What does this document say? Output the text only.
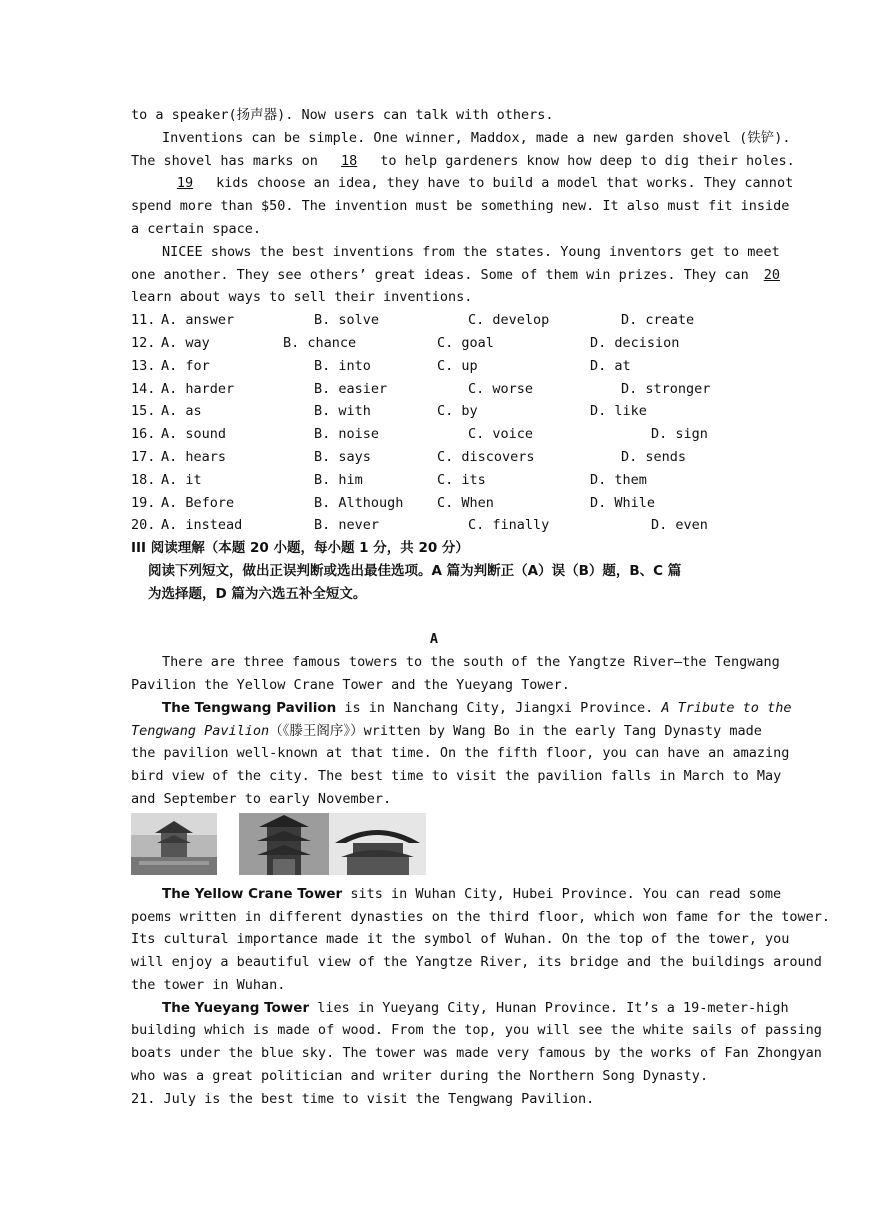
to a speaker(扬声器). Now users can talk with others.
Inventions can be simple. One winner, Maddox, made a new garden shovel (铁铲).
The shovel has marks on 18 to help gardeners know how deep to dig their holes.
19 kids choose an idea, they have to build a model that works. They cannot
spend more than $50. The invention must be something new. It also must fit inside
a certain space.
NICEE shows the best inventions from the states. Young inventors get to meet
one another. They see others’ great ideas. Some of them win prizes. They can 20
learn about ways to sell their inventions.
11. A. answer	B. solve	C. develop	D. create
12. A. way	B. chance	C. goal	D. decision
13. A. for	B. into	C. up	D. at
14. A. harder	B. easier	C. worse	D. stronger
15. A. as	B. with	C. by	D. like
16. A. sound	B. noise	C. voice	D. sign
17. A. hears	B. says	C. discovers	D. sends
18. A. it	B. him	C. its	D. them
19. A. Before	B. Although C. When	D. While
20. A. instead	B. never	C. finally	D. even
III 阅读理解（本题 20 小题，每小题 1 分，共 20 分）
阅读下列短文，做出正误判断或选出最佳选项。A 篇为判断正（A）误（B）题，B、C 篇
为选择题，D 篇为六选五补全短文。
A
There are three famous towers to the south of the Yangtze River—the Tengwang
Pavilion the Yellow Crane Tower and the Yueyang Tower.
The Tengwang Pavilion is in Nanchang City, Jiangxi Province. A Tribute to the
Tengwang Pavilion（《滕王阁序》）written by Wang Bo in the early Tang Dynasty made
the pavilion well-known at that time. On the fifth floor, you can have an amazing
bird view of the city. The best time to visit the pavilion falls in March to May
and September to early November.
The Yellow Crane Tower sits in Wuhan City, Hubei Province. You can read some
poems written in different dynasties on the third floor, which won fame for the tower.
Its cultural importance made it the symbol of Wuhan. On the top of the tower, you
will enjoy a beautiful view of the Yangtze River, its bridge and the buildings around
the tower in Wuhan.
The Yueyang Tower lies in Yueyang City, Hunan Province. It’s a 19-meter-high
building which is made of wood. From the top, you will see the white sails of passing
boats under the blue sky. The tower was made very famous by the works of Fan Zhongyan
who was a great politician and writer during the Northern Song Dynasty.
21. July is the best time to visit the Tengwang Pavilion.
